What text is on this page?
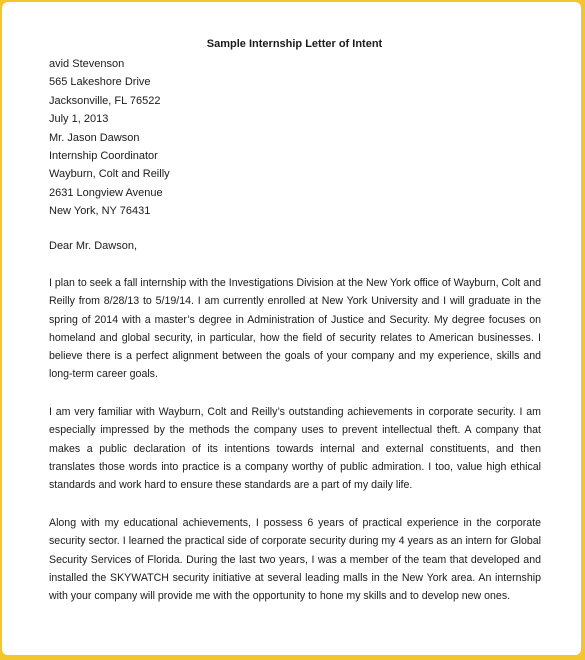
Sample Internship Letter of Intent
avid Stevenson
565 Lakeshore Drive
Jacksonville, FL 76522
July 1, 2013
Mr. Jason Dawson
Internship Coordinator
Wayburn, Colt and Reilly
2631 Longview Avenue
New York, NY 76431
Dear Mr. Dawson,

I plan to seek a fall internship with the Investigations Division at the New York office of Wayburn, Colt and Reilly from 8/28/13 to 5/19/14. I am currently enrolled at New York University and I will graduate in the spring of 2014 with a master’s degree in Administration of Justice and Security. My degree focuses on homeland and global security, in particular, how the field of security relates to American businesses. I believe there is a perfect alignment between the goals of your company and my experience, skills and long-term career goals.

I am very familiar with Wayburn, Colt and Reilly’s outstanding achievements in corporate security. I am especially impressed by the methods the company uses to prevent intellectual theft. A company that makes a public declaration of its intentions towards internal and external constituents, and then translates those words into practice is a company worthy of public admiration. I too, value high ethical standards and work hard to ensure these standards are a part of my daily life.

Along with my educational achievements, I possess 6 years of practical experience in the corporate security sector. I learned the practical side of corporate security during my 4 years as an intern for Global Security Services of Florida. During the last two years, I was a member of the team that developed and installed the SKYWATCH security initiative at several leading malls in the New York area. An internship with your company will provide me with the opportunity to hone my skills and to develop new ones.
